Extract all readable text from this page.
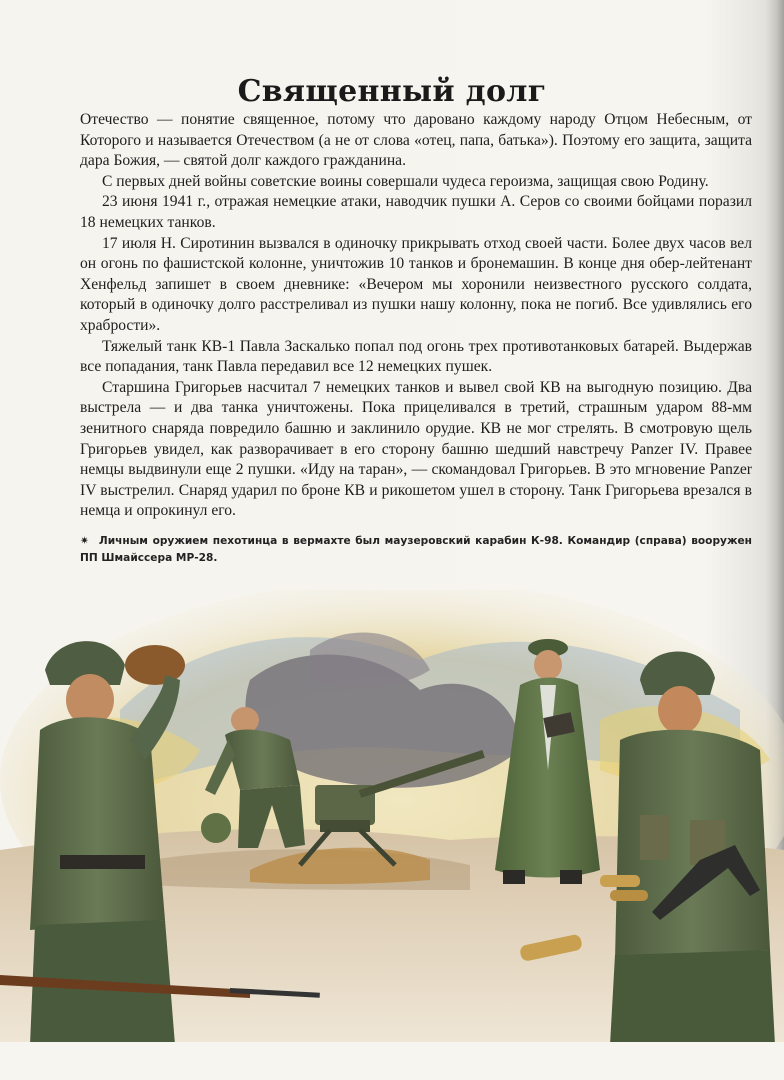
Священный долг

Отечество — понятие священное, потому что даровано каждому народу Отцом Небесным, от Которого и называется Отечеством (а не от слова «отец, папа, батька»). Поэтому его защита, защита дара Божия, — святой долг каждого гражданина.

С первых дней войны советские воины совершали чудеса героизма, защищая свою Родину.

23 июня 1941 г., отражая немецкие атаки, наводчик пушки А. Серов со своими бойцами поразил 18 немецких танков.

17 июля Н. Сиротинин вызвался в одиночку прикрывать отход своей части. Более двух часов вел он огонь по фашистской колонне, уничтожив 10 танков и бронемашин. В конце дня обер-лейтенант Хенфельд запишет в своем дневнике: «Вечером мы хоронили неизвестного русского солдата, который в одиночку долго расстреливал из пушки нашу колонну, пока не погиб. Все удивлялись его храбрости».

Тяжелый танк КВ-1 Павла Заскалько попал под огонь трех противотанковых батарей. Выдержав все попадания, танк Павла передавил все 12 немецких пушек.

Старшина Григорьев насчитал 7 немецких танков и вывел свой КВ на выгодную позицию. Два выстрела — и два танка уничтожены. Пока прицеливался в третий, страшным ударом 88-мм зенитного снаряда повредило башню и заклинило орудие. КВ не мог стрелять. В смотровую щель Григорьев увидел, как разворачивает в его сторону башню шедший навстречу Panzer IV. Правее немцы выдвинули еще 2 пушки. «Иду на таран», — скомандовал Григорьев. В это мгновение Panzer IV выстрелил. Снаряд ударил по броне КВ и рикошетом ушел в сторону. Танк Григорьева врезался в немца и опрокинул его.

✷ Личным оружием пехотинца в вермахте был маузеровский карабин К-98. Командир (справа) вооружен ПП Шмайссера МР-28.
